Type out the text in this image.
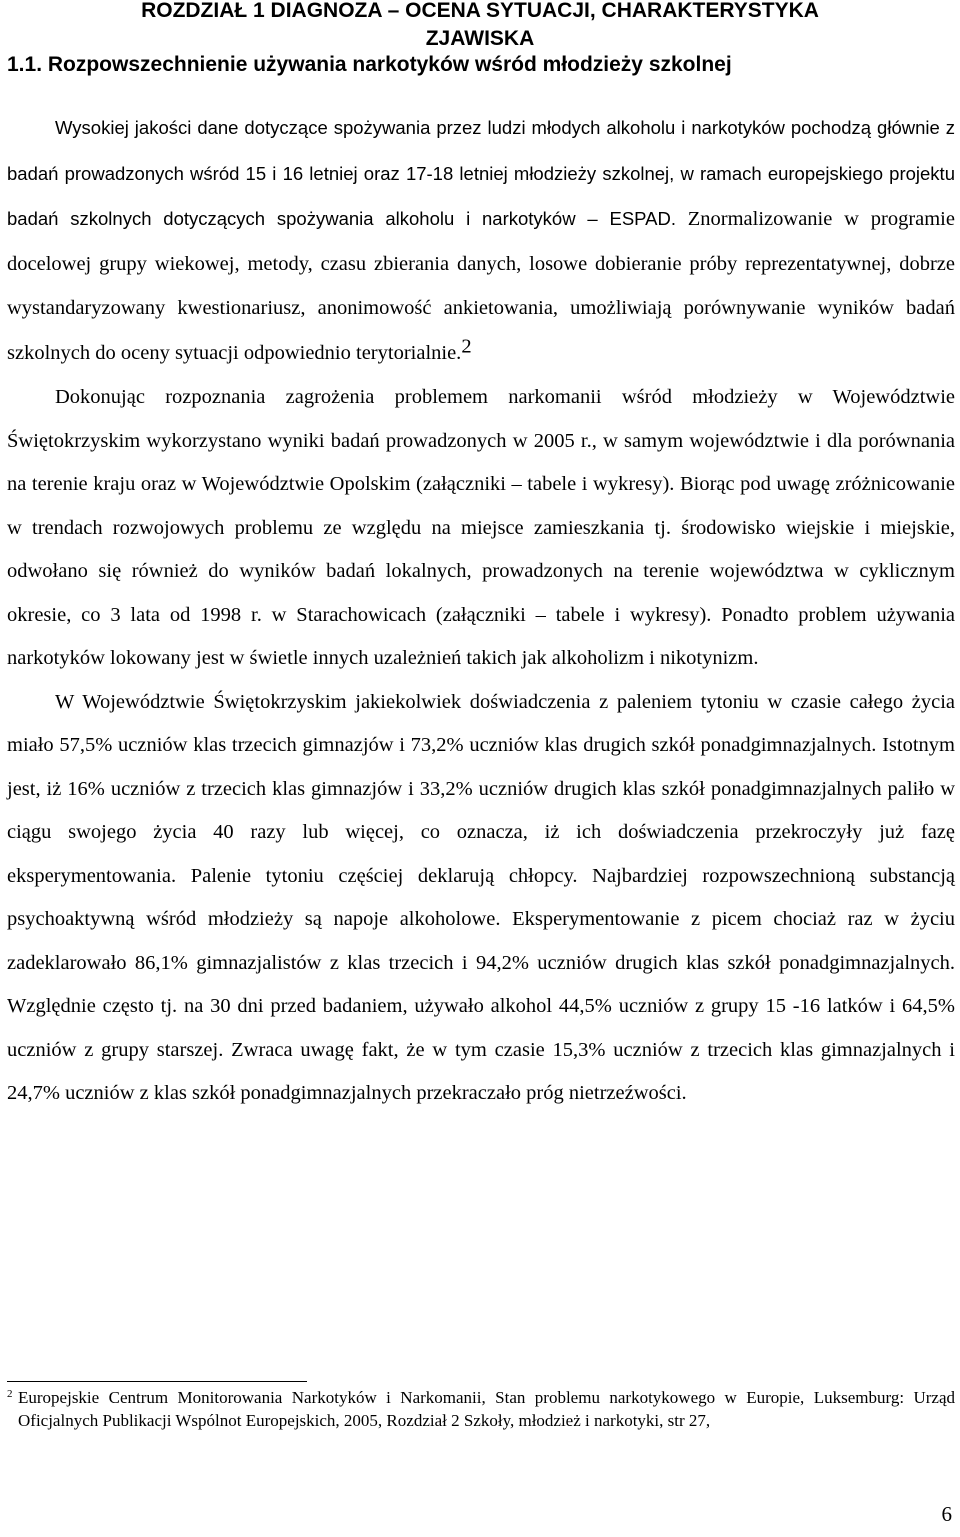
ROZDZIAŁ 1 DIAGNOZA – OCENA SYTUACJI, CHARAKTERYSTYKA
ZJAWISKA
1.1. Rozpowszechnienie używania narkotyków wśród młodzieży szkolnej

Wysokiej jakości dane dotyczące spożywania przez ludzi młodych alkoholu i narkotyków pochodzą głównie z badań prowadzonych wśród 15 i 16 letniej oraz 17-18 letniej młodzieży szkolnej, w ramach europejskiego projektu badań szkolnych dotyczących spożywania alkoholu i narkotyków – ESPAD. Znormalizowanie w programie docelowej grupy wiekowej, metody, czasu zbierania danych, losowe dobieranie próby reprezentatywnej, dobrze wystandaryzowany kwestionariusz, anonimowość ankietowania, umożliwiają porównywanie wyników badań szkolnych do oceny sytuacji odpowiednio terytorialnie.$^2$

Dokonując rozpoznania zagrożenia problemem narkomanii wśród młodzieży w Województwie Świętokrzyskim wykorzystano wyniki badań prowadzonych w 2005 r., w samym województwie i dla porównania na terenie kraju oraz w Województwie Opolskim (załączniki – tabele i wykresy). Biorąc pod uwagę zróżnicowanie w trendach rozwojowych problemu ze względu na miejsce zamieszkania tj. środowisko wiejskie i miejskie, odwołano się również do wyników badań lokalnych, prowadzonych na terenie województwa w cyklicznym okresie, co 3 lata od 1998 r. w Starachowicach (załączniki – tabele i wykresy). Ponadto problem używania narkotyków lokowany jest w świetle innych uzależnień takich jak alkoholizm i nikotynizm.

W Województwie Świętokrzyskim jakiekolwiek doświadczenia z paleniem tytoniu w czasie całego życia miało 57,5% uczniów klas trzecich gimnazjów i 73,2% uczniów klas drugich szkół ponadgimnazjalnych. Istotnym jest, iż 16% uczniów z trzecich klas gimnazjów i 33,2% uczniów drugich klas szkół ponadgimnazjalnych paliło w ciągu swojego życia 40 razy lub więcej, co oznacza, iż ich doświadczenia przekroczyły już fazę eksperymentowania. Palenie tytoniu częściej deklarują chłopcy. Najbardziej rozpowszechnioną substancją psychoaktywną wśród młodzieży są napoje alkoholowe. Eksperymentowanie z picem chociaż raz w życiu zadeklarowało 86,1% gimnazjalistów z klas trzecich i 94,2% uczniów drugich klas szkół ponadgimnazjalnych. Względnie często tj. na 30 dni przed badaniem, używało alkohol 44,5% uczniów z grupy 15 -16 latków i 64,5% uczniów z grupy starszej. Zwraca uwagę fakt, że w tym czasie 15,3% uczniów z trzecich klas gimnazjalnych i 24,7% uczniów z klas szkół ponadgimnazjalnych przekraczało próg nietrzeźwości.

2 Europejskie Centrum Monitorowania Narkotyków i Narkomanii, Stan problemu narkotykowego w Europie, Luksemburg: Urząd Oficjalnych Publikacji Wspólnot Europejskich, 2005, Rozdział 2 Szkoły, młodzież i narkotyki, str 27,
6
